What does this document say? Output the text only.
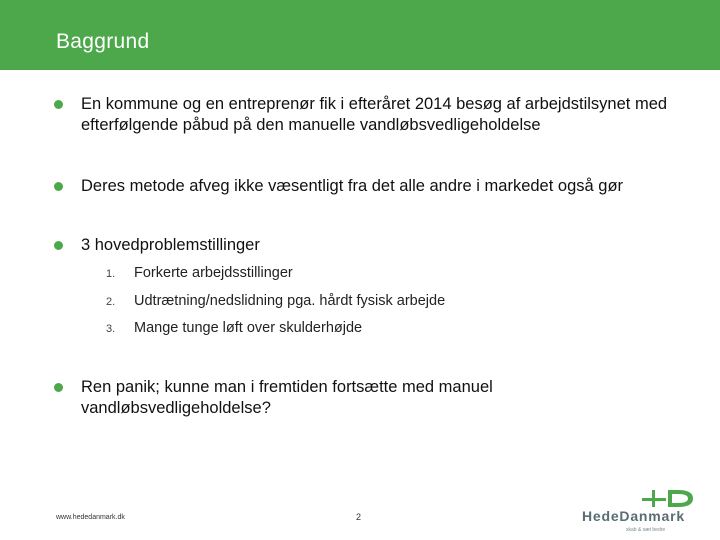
Baggrund
En kommune og en entreprenør fik i efteråret 2014 besøg af arbejdstilsynet med efterfølgende påbud på den manuelle vandløbsvedligeholdelse
Deres metode afveg ikke væsentligt fra det alle andre i markedet også gør
3 hovedproblemstillinger
1. Forkerte arbejdsstillinger
2. Udtrætning/nedslidning pga. hårdt fysisk arbejde
3. Mange tunge løft over skulderhøjde
Ren panik; kunne man i fremtiden fortsætte med manuel vandløbsvedligeholdelse?
www.hededanmark.dk	2	HedeDanmark
skab & sæt bedre
